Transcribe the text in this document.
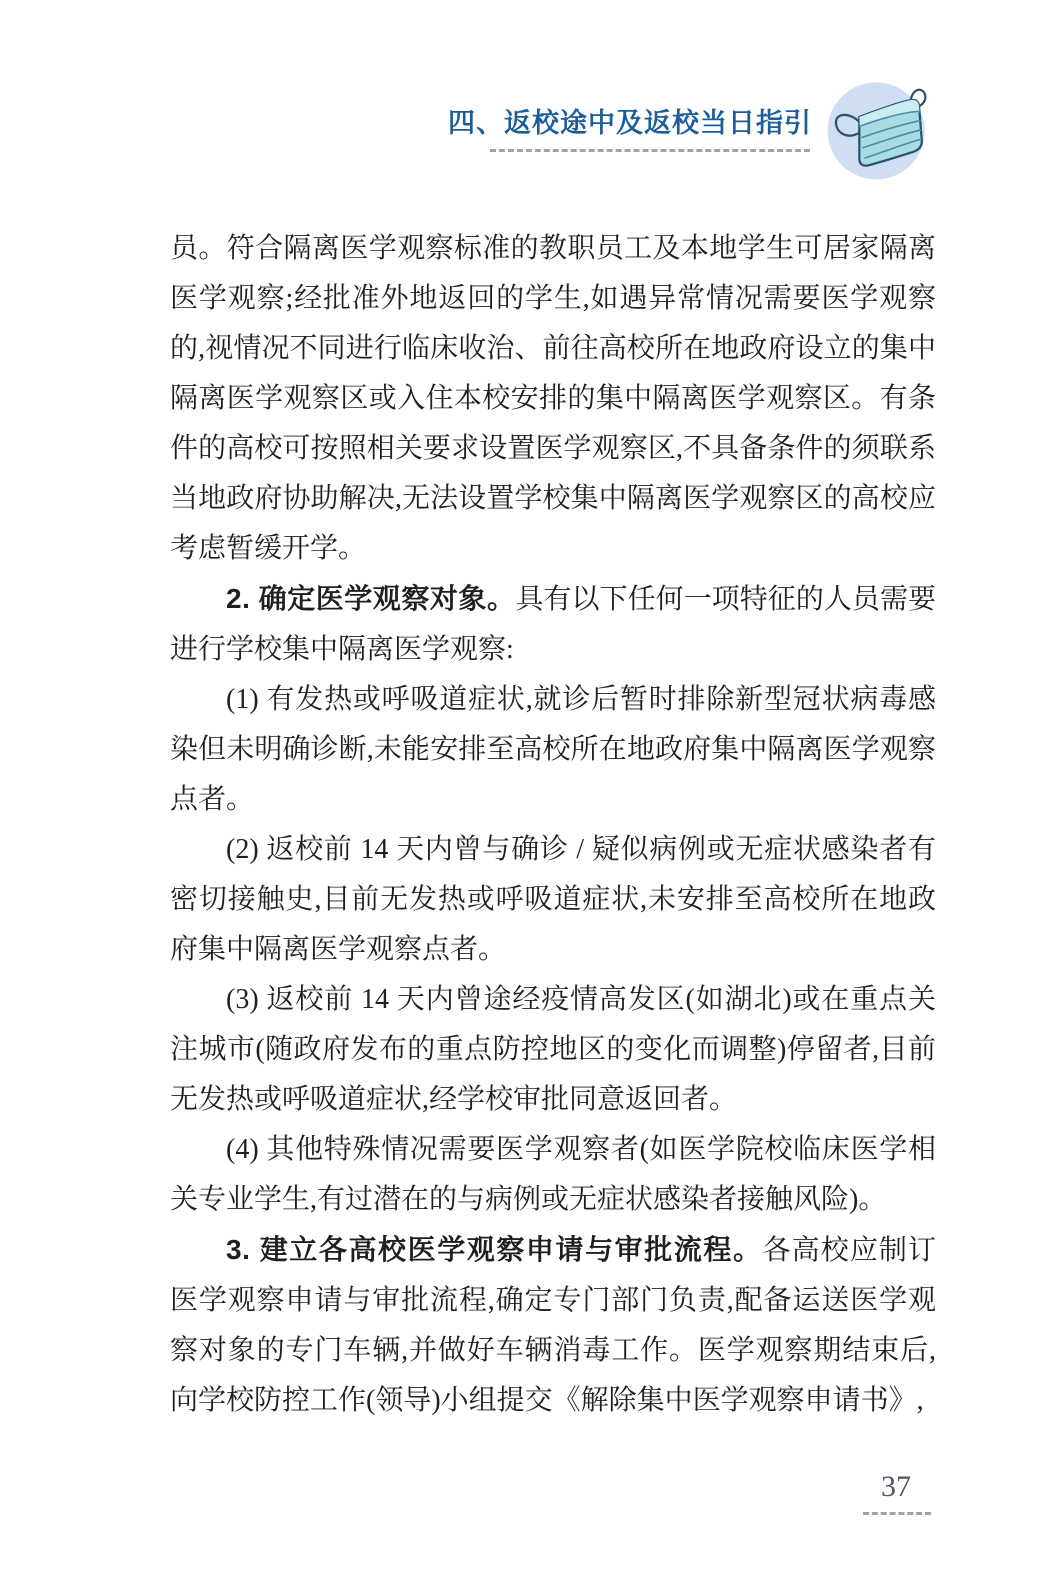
四、返校途中及返校当日指引

员。符合隔离医学观察标准的教职员工及本地学生可居家隔离医学观察;经批准外地返回的学生,如遇异常情况需要医学观察的,视情况不同进行临床收治、前往高校所在地政府设立的集中隔离医学观察区或入住本校安排的集中隔离医学观察区。有条件的高校可按照相关要求设置医学观察区,不具备条件的须联系当地政府协助解决,无法设置学校集中隔离医学观察区的高校应考虑暂缓开学。

2. 确定医学观察对象。具有以下任何一项特征的人员需要进行学校集中隔离医学观察:

(1) 有发热或呼吸道症状,就诊后暂时排除新型冠状病毒感染但未明确诊断,未能安排至高校所在地政府集中隔离医学观察点者。

(2) 返校前 14 天内曾与确诊 / 疑似病例或无症状感染者有密切接触史,目前无发热或呼吸道症状,未安排至高校所在地政府集中隔离医学观察点者。

(3) 返校前 14 天内曾途经疫情高发区(如湖北)或在重点关注城市(随政府发布的重点防控地区的变化而调整)停留者,目前无发热或呼吸道症状,经学校审批同意返回者。

(4) 其他特殊情况需要医学观察者(如医学院校临床医学相关专业学生,有过潜在的与病例或无症状感染者接触风险)。

3. 建立各高校医学观察申请与审批流程。各高校应制订医学观察申请与审批流程,确定专门部门负责,配备运送医学观察对象的专门车辆,并做好车辆消毒工作。医学观察期结束后,向学校防控工作(领导)小组提交《解除集中医学观察申请书》,

37
